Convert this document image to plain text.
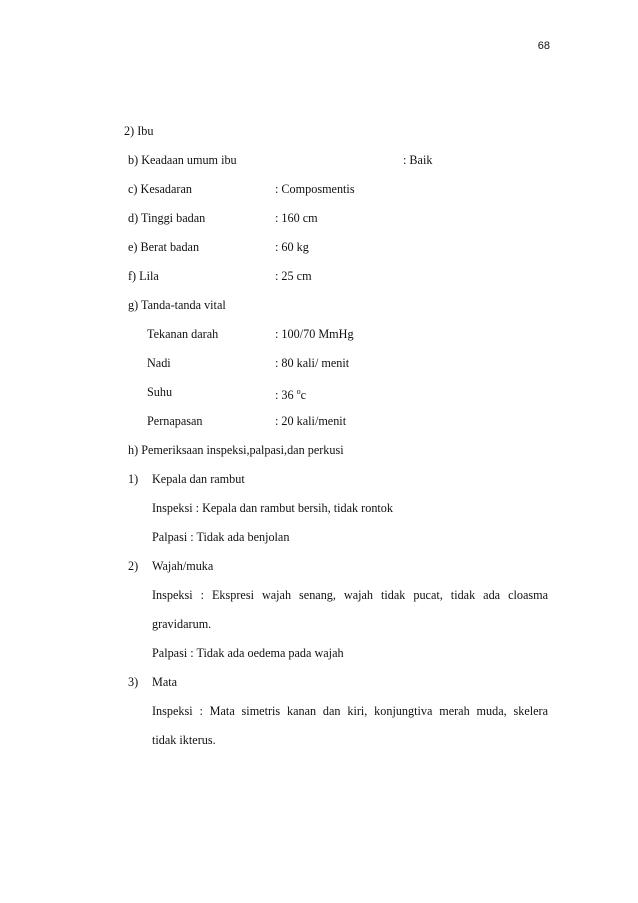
68
2) Ibu
b) Keadaan umum ibu	: Baik
c) Kesadaran	: Composmentis
d) Tinggi badan	: 160 cm
e) Berat badan	: 60 kg
f) Lila	: 25 cm
g) Tanda-tanda vital
Tekanan darah	: 100/70 MmHg
Nadi	: 80 kali/ menit
Suhu	: 36 $^o$c
Pernapasan	: 20 kali/menit
h) Pemeriksaan inspeksi,palpasi,dan perkusi
1) Kepala dan rambut
Inspeksi : Kepala dan rambut bersih, tidak rontok
Palpasi : Tidak ada benjolan
2) Wajah/muka
Inspeksi : Ekspresi wajah senang, wajah tidak pucat, tidak ada cloasma
gravidarum.
Palpasi : Tidak ada oedema pada wajah
3) Mata
Inspeksi : Mata simetris kanan dan kiri, konjungtiva merah muda, skelera
tidak ikterus.
